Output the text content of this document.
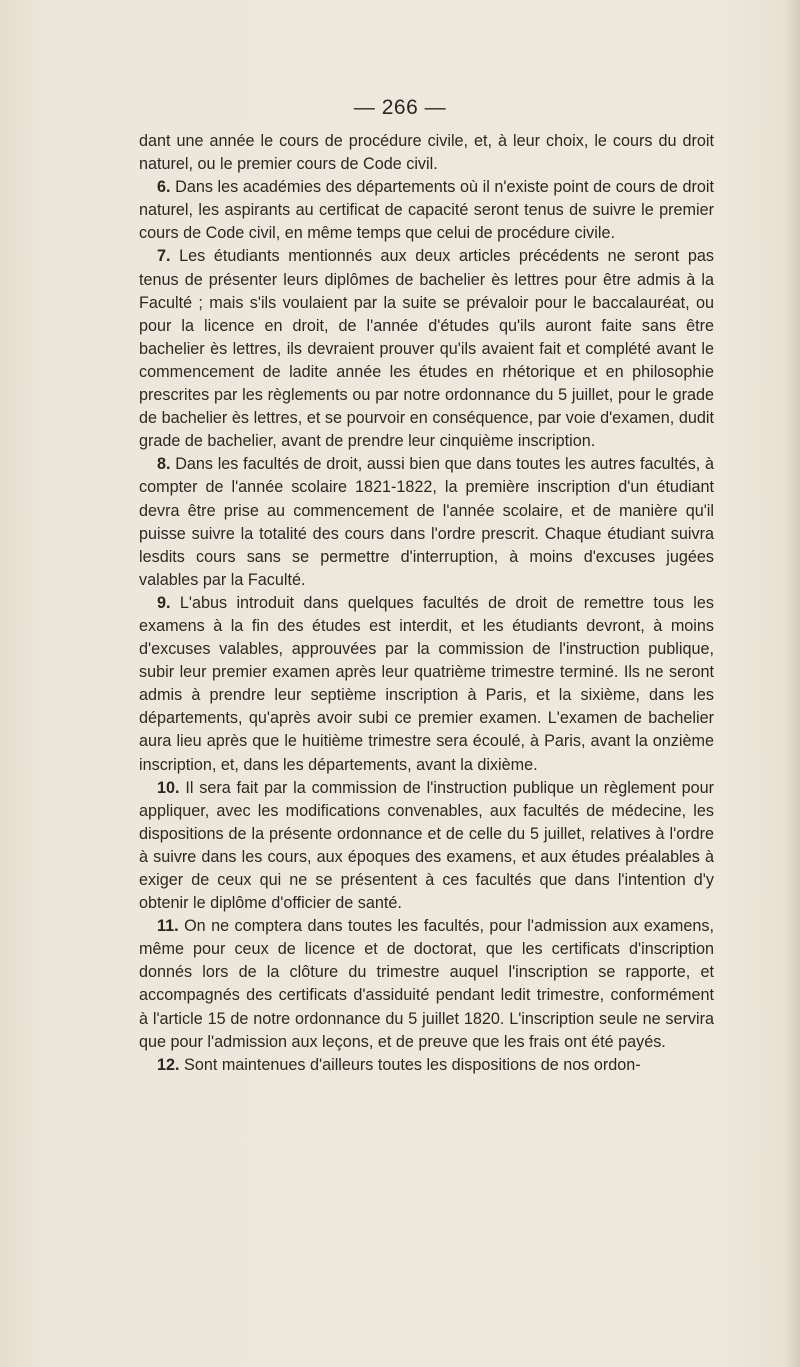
— 266 —

dant une année le cours de procédure civile, et, à leur choix, le cours du droit naturel, ou le premier cours de Code civil.

6. Dans les académies des départements où il n'existe point de cours de droit naturel, les aspirants au certificat de capacité seront tenus de suivre le premier cours de Code civil, en même temps que celui de procédure civile.

7. Les étudiants mentionnés aux deux articles précédents ne seront pas tenus de présenter leurs diplômes de bachelier ès lettres pour être admis à la Faculté ; mais s'ils voulaient par la suite se prévaloir pour le baccalauréat, ou pour la licence en droit, de l'année d'études qu'ils auront faite sans être bachelier ès lettres, ils devraient prouver qu'ils avaient fait et complété avant le commencement de ladite année les études en rhétorique et en philosophie prescrites par les règlements ou par notre ordonnance du 5 juillet, pour le grade de bachelier ès lettres, et se pourvoir en conséquence, par voie d'examen, dudit grade de bachelier, avant de prendre leur cinquième inscription.

8. Dans les facultés de droit, aussi bien que dans toutes les autres facultés, à compter de l'année scolaire 1821-1822, la première inscription d'un étudiant devra être prise au commencement de l'année scolaire, et de manière qu'il puisse suivre la totalité des cours dans l'ordre prescrit. Chaque étudiant suivra lesdits cours sans se permettre d'interruption, à moins d'excuses jugées valables par la Faculté.

9. L'abus introduit dans quelques facultés de droit de remettre tous les examens à la fin des études est interdit, et les étudiants devront, à moins d'excuses valables, approuvées par la commission de l'instruction publique, subir leur premier examen après leur quatrième trimestre terminé. Ils ne seront admis à prendre leur septième inscription à Paris, et la sixième, dans les départements, qu'après avoir subi ce premier examen. L'examen de bachelier aura lieu après que le huitième trimestre sera écoulé, à Paris, avant la onzième inscription, et, dans les départements, avant la dixième.

10. Il sera fait par la commission de l'instruction publique un règlement pour appliquer, avec les modifications convenables, aux facultés de médecine, les dispositions de la présente ordonnance et de celle du 5 juillet, relatives à l'ordre à suivre dans les cours, aux époques des examens, et aux études préalables à exiger de ceux qui ne se présentent à ces facultés que dans l'intention d'y obtenir le diplôme d'officier de santé.

11. On ne comptera dans toutes les facultés, pour l'admission aux examens, même pour ceux de licence et de doctorat, que les certificats d'inscription donnés lors de la clôture du trimestre auquel l'inscription se rapporte, et accompagnés des certificats d'assiduité pendant ledit trimestre, conformément à l'article 15 de notre ordonnance du 5 juillet 1820. L'inscription seule ne servira que pour l'admission aux leçons, et de preuve que les frais ont été payés.

12. Sont maintenues d'ailleurs toutes les dispositions de nos ordon-
